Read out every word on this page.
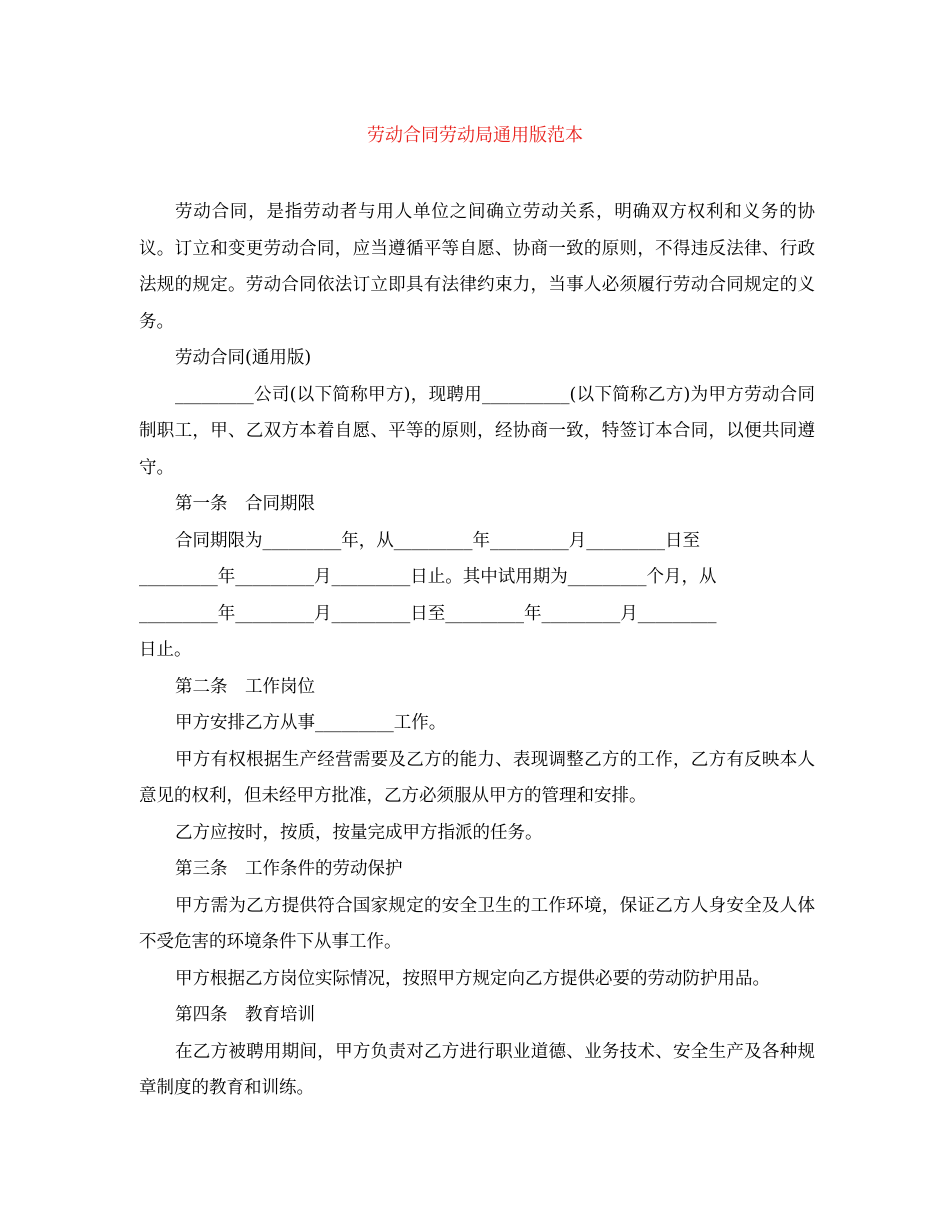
劳动合同劳动局通用版范本

劳动合同，是指劳动者与用人单位之间确立劳动关系，明确双方权利和义务的协议。订立和变更劳动合同，应当遵循平等自愿、协商一致的原则，不得违反法律、行政法规的规定。劳动合同依法订立即具有法律约束力，当事人必须履行劳动合同规定的义务。

劳动合同(通用版)

_________公司(以下简称甲方)，现聘用__________(以下简称乙方)为甲方劳动合同制职工，甲、乙双方本着自愿、平等的原则，经协商一致，特签订本合同，以便共同遵守。

第一条　合同期限

合同期限为_________年，从_________年_________月_________日至
_________年_________月_________日止。其中试用期为_________个月，从
_________年_________月_________日至_________年_________月_________
日止。

第二条　工作岗位

甲方安排乙方从事_________工作。

甲方有权根据生产经营需要及乙方的能力、表现调整乙方的工作，乙方有反映本人意见的权利，但未经甲方批准，乙方必须服从甲方的管理和安排。

乙方应按时，按质，按量完成甲方指派的任务。

第三条　工作条件的劳动保护

甲方需为乙方提供符合国家规定的安全卫生的工作环境，保证乙方人身安全及人体不受危害的环境条件下从事工作。

甲方根据乙方岗位实际情况，按照甲方规定向乙方提供必要的劳动防护用品。

第四条　教育培训

在乙方被聘用期间，甲方负责对乙方进行职业道德、业务技术、安全生产及各种规章制度的教育和训练。
